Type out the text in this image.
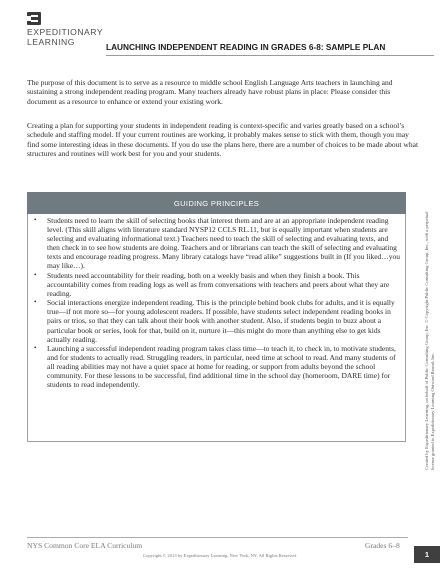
EXPEDITIONARY
LEARNING
LAUNCHING INDEPENDENT READING IN GRADES 6-8: SAMPLE PLAN

The purpose of this document is to serve as a resource to middle school English Language Arts teachers in launching and sustaining a strong independent reading program. Many teachers already have robust plans in place: Please consider this document as a resource to enhance or extend your existing work.

Creating a plan for supporting your students in independent reading is context-specific and varies greatly based on a school’s schedule and staffing model. If your current routines are working, it probably makes sense to stick with them, though you may find some interesting ideas in these documents. If you do use the plans here, there are a number of choices to be made about what structures and routines will work best for you and your students.

GUIDING PRINCIPLES
• Students need to learn the skill of selecting books that interest them and are at an appropriate independent reading level. (This skill aligns with literature standard NYSP12 CCLS RL.11, but is equally important when students are selecting and evaluating informational text.) Teachers need to teach the skill of selecting and evaluating texts, and then check in to see how students are doing. Teachers and or librarians can teach the skill of selecting and evaluating texts and encourage reading progress. Many library catalogs have “read alike” suggestions built in (If you liked…you may like…).
• Students need accountability for their reading, both on a weekly basis and when they finish a book. This accountability comes from reading logs as well as from conversations with teachers and peers about what they are reading.
• Social interactions energize independent reading. This is the principle behind book clubs for adults, and it is equally true—if not more so—for young adolescent readers. If possible, have students select independent reading books in pairs or trios, so that they can talk about their book with another student. Also, if students begin to buzz about a particular book or series, look for that, build on it, nurture it—this might do more than anything else to get kids actually reading.
• Launching a successful independent reading program takes class time—to teach it, to check in, to motivate students, and for students to actually read. Struggling readers, in particular, need time at school to read. And many students of all reading abilities may not have a quiet space at home for reading, or support from adults beyond the school community. For these lessons to be successful, find additional time in the school day (homeroom, DARE time) for students to read independently.	Created by Expeditionary Learning, on behalf of Public Consulting Group, Inc. © Copyright Public Consulting Group, Inc., with a perpetual license granted to Expeditionary Learning Outward Bound, Inc.
NYS Common Core ELA Curriculum	Grades 6–8
Copyright © 2013 by Expeditionary Learning, New York, NY. All Rights Reserved.	1
